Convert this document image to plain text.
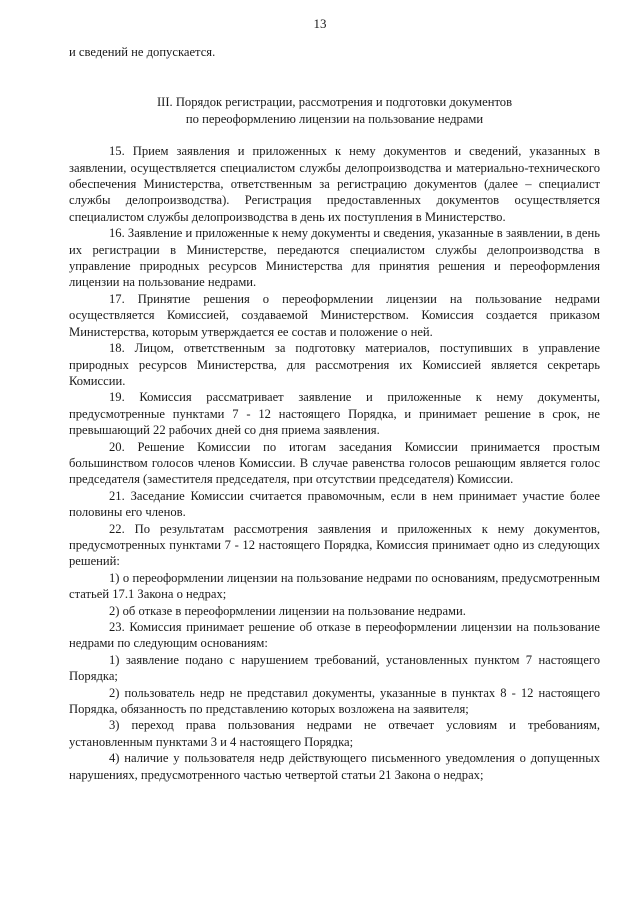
13

и сведений не допускается.

III. Порядок регистрации, рассмотрения и подготовки документов
по переоформлению лицензии на пользование недрами

15. Прием заявления и приложенных к нему документов и сведений, указанных в заявлении, осуществляется специалистом службы делопроизводства и материально-технического обеспечения Министерства, ответственным за регистрацию документов (далее – специалист службы делопроизводства). Регистрация предоставленных документов осуществляется специалистом службы делопроизводства в день их поступления в Министерство.

16. Заявление и приложенные к нему документы и сведения, указанные в заявлении, в день их регистрации в Министерстве, передаются специалистом службы делопроизводства в управление природных ресурсов Министерства для принятия решения и переоформления лицензии на пользование недрами.

17. Принятие решения о переоформлении лицензии на пользование недрами осуществляется Комиссией, создаваемой Министерством. Комиссия создается приказом Министерства, которым утверждается ее состав и положение о ней.

18. Лицом, ответственным за подготовку материалов, поступивших в управление природных ресурсов Министерства, для рассмотрения их Комиссией является секретарь Комиссии.

19. Комиссия рассматривает заявление и приложенные к нему документы, предусмотренные пунктами 7 - 12 настоящего Порядка, и принимает решение в срок, не превышающий 22 рабочих дней со дня приема заявления.

20. Решение Комиссии по итогам заседания Комиссии принимается простым большинством голосов членов Комиссии. В случае равенства голосов решающим является голос председателя (заместителя председателя, при отсутствии председателя) Комиссии.

21. Заседание Комиссии считается правомочным, если в нем принимает участие более половины его членов.

22. По результатам рассмотрения заявления и приложенных к нему документов, предусмотренных пунктами 7 - 12 настоящего Порядка, Комиссия принимает одно из следующих решений:

1) о переоформлении лицензии на пользование недрами по основаниям, предусмотренным статьей 17.1 Закона о недрах;

2) об отказе в переоформлении лицензии на пользование недрами.

23. Комиссия принимает решение об отказе в переоформлении лицензии на пользование недрами по следующим основаниям:

1) заявление подано с нарушением требований, установленных пунктом 7 настоящего Порядка;

2) пользователь недр не представил документы, указанные в пунктах 8 - 12 настоящего Порядка, обязанность по представлению которых возложена на заявителя;

3) переход права пользования недрами не отвечает условиям и требованиям, установленным пунктами 3 и 4 настоящего Порядка;

4) наличие у пользователя недр действующего письменного уведомления о допущенных нарушениях, предусмотренного частью четвертой статьи 21 Закона о недрах;
